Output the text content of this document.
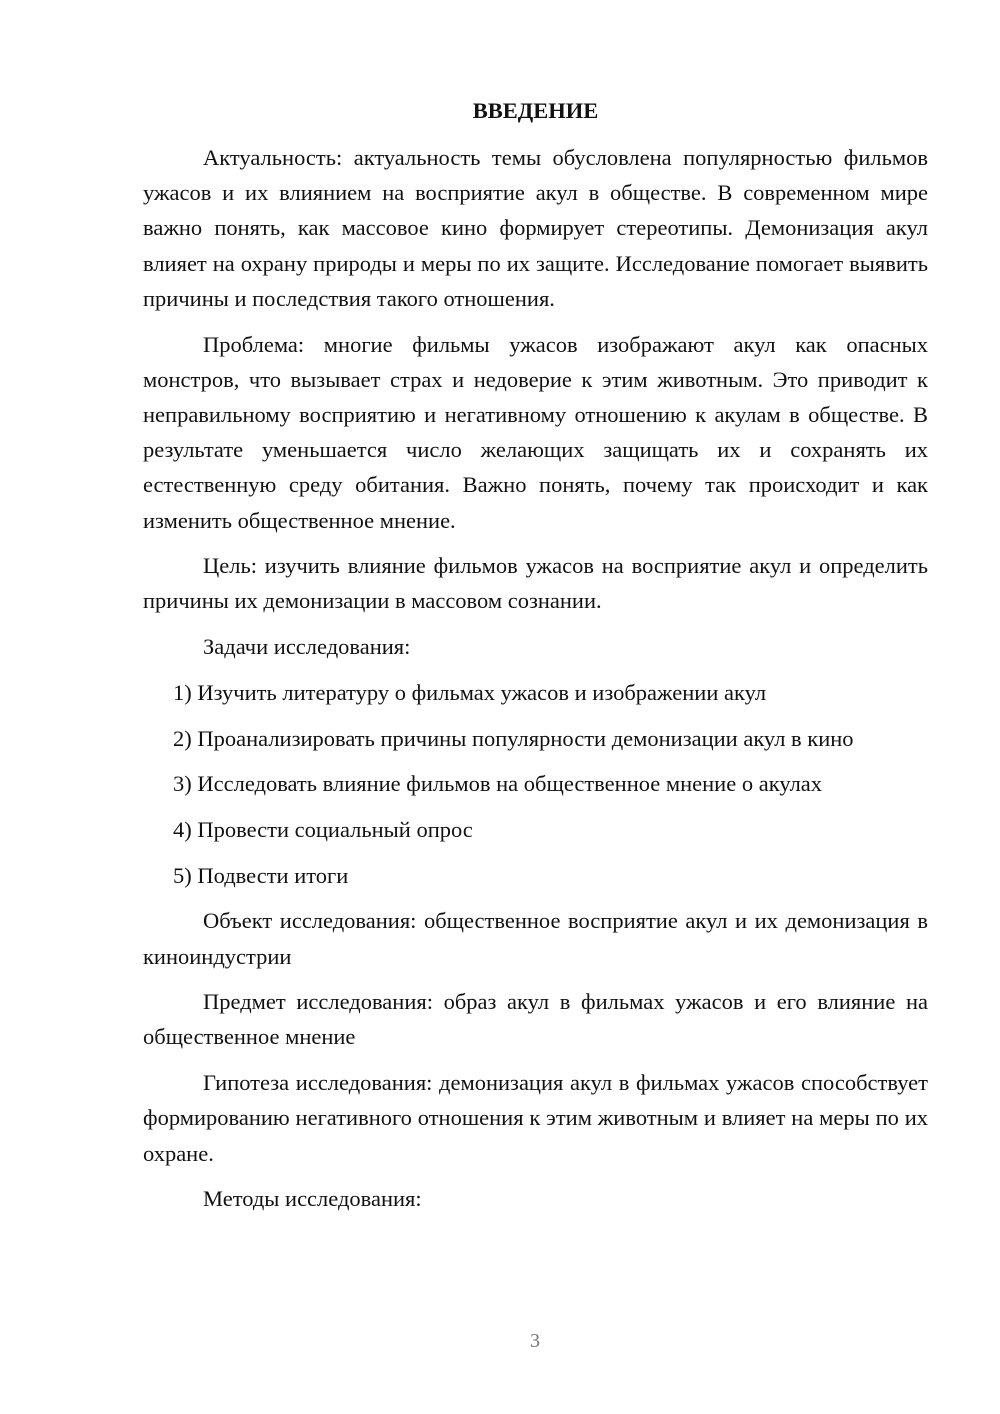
ВВЕДЕНИЕ

Актуальность: актуальность темы обусловлена популярностью фильмов ужасов и их влиянием на восприятие акул в обществе. В современном мире важно понять, как массовое кино формирует стереотипы. Демонизация акул влияет на охрану природы и меры по их защите. Исследование помогает выявить причины и последствия такого отношения.

Проблема: многие фильмы ужасов изображают акул как опасных монстров, что вызывает страх и недоверие к этим животным. Это приводит к неправильному восприятию и негативному отношению к акулам в обществе. В результате уменьшается число желающих защищать их и сохранять их естественную среду обитания. Важно понять, почему так происходит и как изменить общественное мнение.

Цель: изучить влияние фильмов ужасов на восприятие акул и определить причины их демонизации в массовом сознании.

Задачи исследования:

1) Изучить литературу о фильмах ужасов и изображении акул

2) Проанализировать причины популярности демонизации акул в кино

3) Исследовать влияние фильмов на общественное мнение о акулах

4) Провести социальный опрос

5) Подвести итоги

Объект исследования: общественное восприятие акул и их демонизация в киноиндустрии

Предмет исследования: образ акул в фильмах ужасов и его влияние на общественное мнение

Гипотеза исследования: демонизация акул в фильмах ужасов способствует формированию негативного отношения к этим животным и влияет на меры по их охране.

Методы исследования:

3
